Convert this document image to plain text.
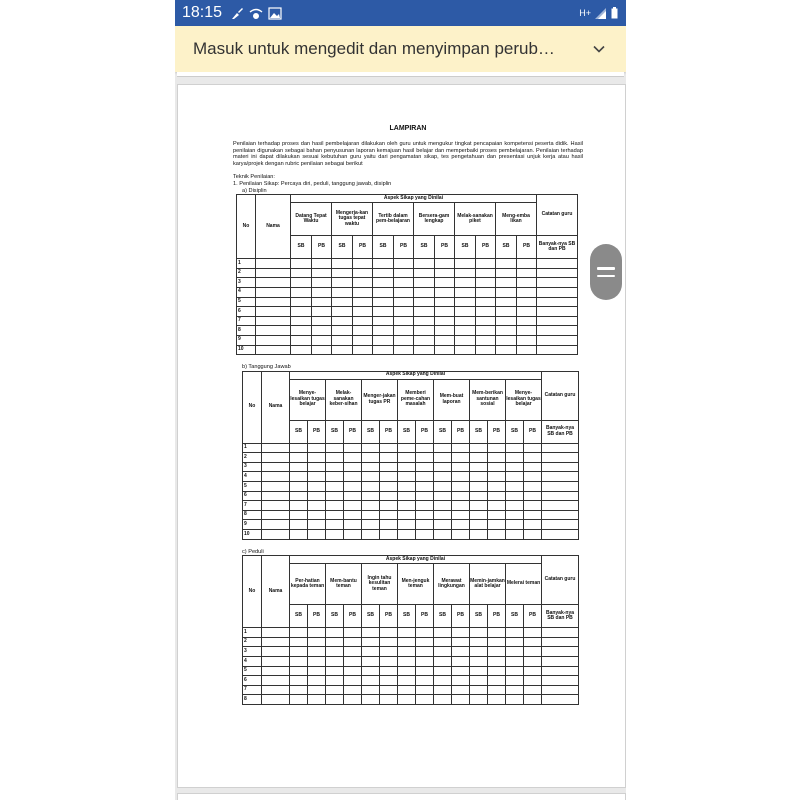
18:15	H+
Masuk untuk mengedit dan menyimpan perub…
LAMPIRAN
Penilaian terhadap proses dan hasil pembelajaran dilakukan oleh guru untuk mengukur tingkat pencapaian kompetensi peserta didik. Hasil penilaian digunakan sebagai bahan penyusunan laporan kemajuan hasil belajar dan memperbaiki proses pembelajaran. Penilaian terhadap materi ini dapat dilakukan sesuai kebutuhan guru yaitu dari pengamatan sikap, tes pengetahuan dan presentasi unjuk kerja atau hasil karya/projek dengan rubric penilaian sebagai berikut
Teknik Penilaian:
1. Penilaian Sikap: Percaya diri, peduli, tanggung jawab, disiplin
a) Disiplin
No	Nama	Aspek Sikap yang Dinilai												Catatan guru
		Datang Tepat Waktu		Mengerja-kan tugas tepat waktu		Tertib dalam pem-belajaran		Bersera-gam lengkap		Melak-sanakan piket		Meng-emba likan		
		SB	PB	SB	PB	SB	PB	SB	PB	SB	PB	SB	PB	Banyak-nya SB dan PB
1														
2														
3														
4														
5														
6														
7														
8														
9														
10														
b) Tanggung Jawab
No	Nama	Aspek Sikap yang Dinilai														Catatan guru
		Menye-lesaikan tugas belajar		Melak-sanakan keber-sihan		Menger-jakan tugas PR		Memberi peme-cahan masalah		Mem-buat laporan		Mem-berikan santunan sosial		Menye-lesaikan tugas belajar		
		SB	PB	SB	PB	SB	PB	SB	PB	SB	PB	SB	PB	SB	PB	Banyak-nya SB dan PB
1																
2																
3																
4																
5																
6																
7																
8																
9																
10																
c) Peduli
No	Nama	Aspek Sikap yang Dinilai														Catatan guru
		Per-hatian kepada teman		Mem-bantu teman		Ingin tahu kesulitan teman		Men-jenguk teman		Merawat lingkungan		Memin-jamkan alat belajar		Melerai teman		
		SB	PB	SB	PB	SB	PB	SB	PB	SB	PB	SB	PB	SB	PB	Banyak-nya SB dan PB
1																
2																
3																
4																
5																
6																
7																
8																
